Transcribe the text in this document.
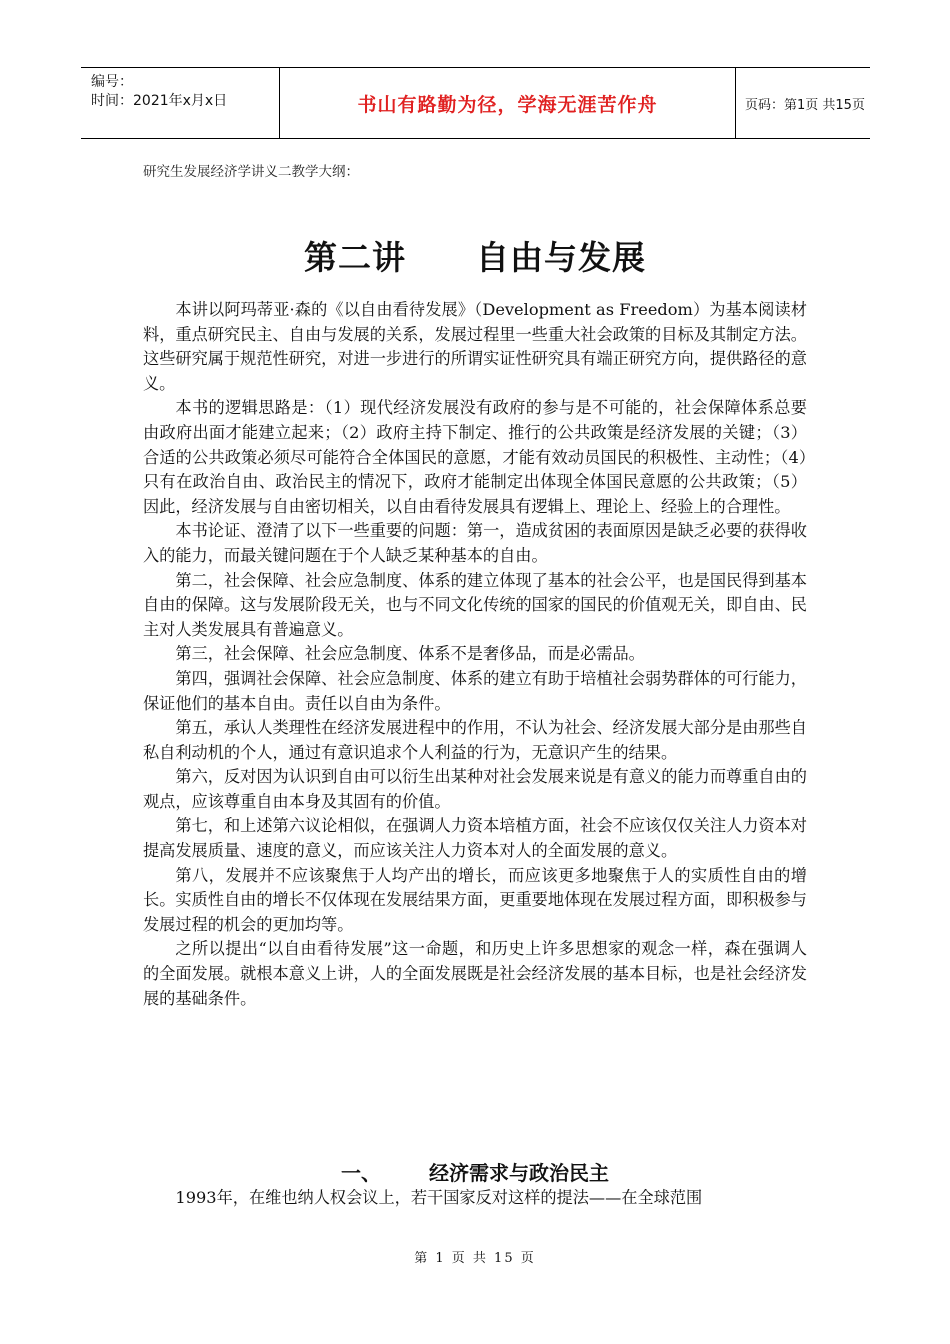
编号：
时间：2021年x月x日	书山有路勤为径，学海无涯苦作舟	页码：第1页 共15页
研究生发展经济学讲义二教学大纲：
第二讲 自由与发展

本讲以阿玛蒂亚·森的《以自由看待发展》（Development as Freedom）为基本阅读材料，重点研究民主、自由与发展的关系，发展过程里一些重大社会政策的目标及其制定方法。这些研究属于规范性研究，对进一步进行的所谓实证性研究具有端正研究方向，提供路径的意义。

本书的逻辑思路是：（1）现代经济发展没有政府的参与是不可能的，社会保障体系总要由政府出面才能建立起来；（2）政府主持下制定、推行的公共政策是经济发展的关键；（3）合适的公共政策必须尽可能符合全体国民的意愿，才能有效动员国民的积极性、主动性；（4）只有在政治自由、政治民主的情况下，政府才能制定出体现全体国民意愿的公共政策；（5）因此，经济发展与自由密切相关，以自由看待发展具有逻辑上、理论上、经验上的合理性。

本书论证、澄清了以下一些重要的问题：第一，造成贫困的表面原因是缺乏必要的获得收入的能力，而最关键问题在于个人缺乏某种基本的自由。

第二，社会保障、社会应急制度、体系的建立体现了基本的社会公平，也是国民得到基本自由的保障。这与发展阶段无关，也与不同文化传统的国家的国民的价值观无关，即自由、民主对人类发展具有普遍意义。

第三，社会保障、社会应急制度、体系不是奢侈品，而是必需品。

第四，强调社会保障、社会应急制度、体系的建立有助于培植社会弱势群体的可行能力，保证他们的基本自由。责任以自由为条件。

第五，承认人类理性在经济发展进程中的作用，不认为社会、经济发展大部分是由那些自私自利动机的个人，通过有意识追求个人利益的行为，无意识产生的结果。

第六，反对因为认识到自由可以衍生出某种对社会发展来说是有意义的能力而尊重自由的观点，应该尊重自由本身及其固有的价值。

第七，和上述第六议论相似，在强调人力资本培植方面，社会不应该仅仅关注人力资本对提高发展质量、速度的意义，而应该关注人力资本对人的全面发展的意义。

第八，发展并不应该聚焦于人均产出的增长，而应该更多地聚焦于人的实质性自由的增长。实质性自由的增长不仅体现在发展结果方面，更重要地体现在发展过程方面，即积极参与发展过程的机会的更加均等。

之所以提出“以自由看待发展”这一命题，和历史上许多思想家的观念一样，森在强调人的全面发展。就根本意义上讲，人的全面发展既是社会经济发展的基本目标，也是社会经济发展的基础条件。

一、 经济需求与政治民主
1993年，在维也纳人权会议上，若干国家反对这样的提法——在全球范围
第 1 页 共 15 页
